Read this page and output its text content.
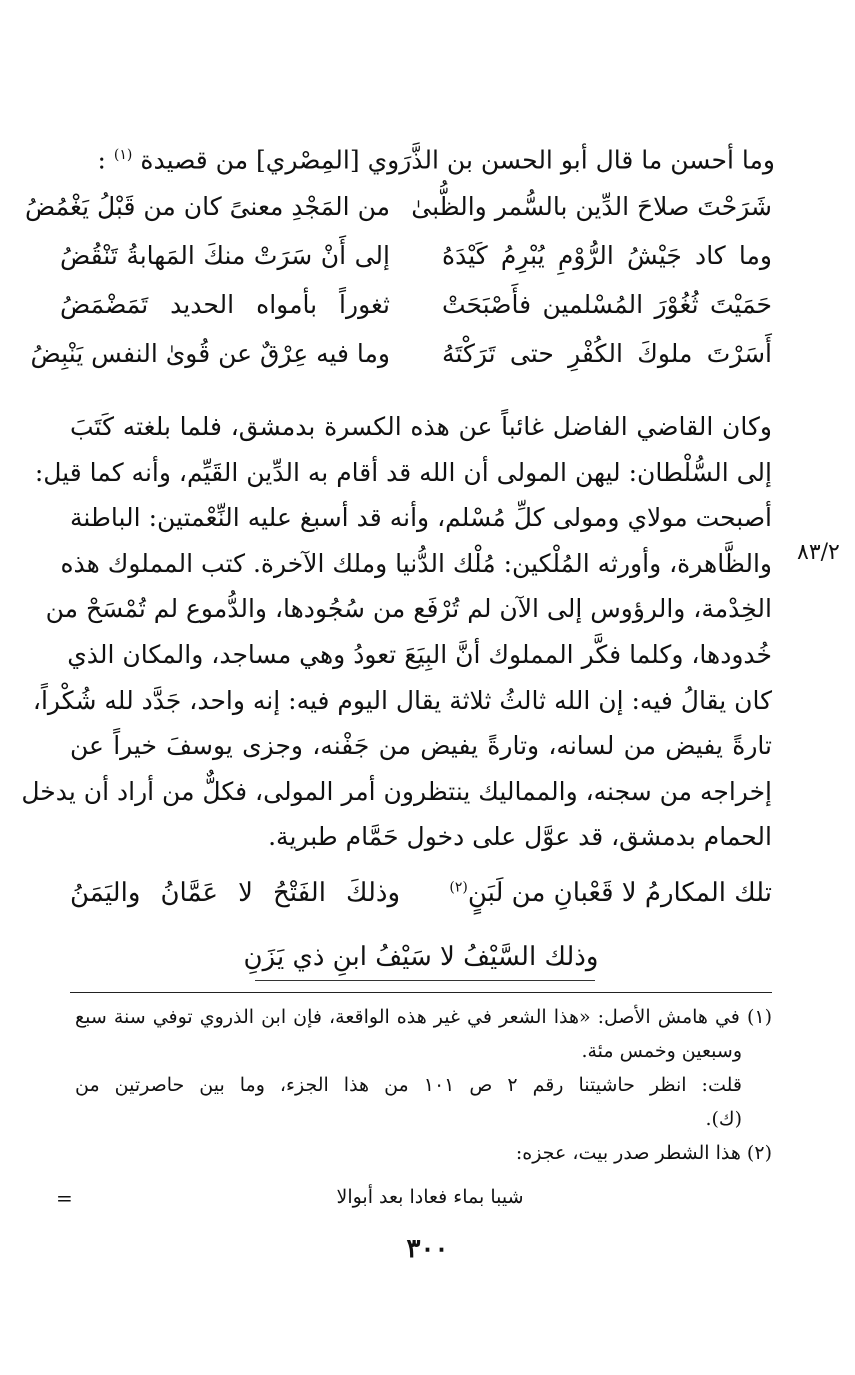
وما أحسن ما قال أبو الحسن بن الذَّرَوي [المِصْري] من قصيدة $^{(١)}$ :
شَرَحْتَ صلاحَ الدِّين بالسُّمر والظُّبىٰ
من المَجْدِ معنىً كان من قَبْلُ يَغْمُضُ
وما كاد جَيْشُ الرُّوْمِ يُبْرِمُ كَيْدَهُ
إلى أَنْ سَرَتْ منكَ المَهابةُ تَنْقُضُ
حَمَيْتَ ثُغُوْرَ المُسْلمين فأَصْبَحَتْ
ثغوراً بأمواه الحديد تَمَضْمَضُ
أَسَرْتَ ملوكَ الكُفْرِ حتى تَرَكْتَهُ
وما فيه عِرْقٌ عن قُوىٰ النفس يَنْبِضُ
وكان القاضي الفاضل غائباً عن هذه الكسرة بدمشق، فلما بلغته كَتَبَ
إلى السُّلْطان: ليهن المولى أن الله قد أقام به الدِّين القَيِّم، وأنه كما قيل:
أصبحت مولاي ومولى كلِّ مُسْلم، وأنه قد أسبغ عليه النِّعْمتين: الباطنة
والظَّاهرة، وأورثه المُلْكين: مُلْك الدُّنيا وملك الآخرة. كتب المملوك هذه
الخِدْمة، والرؤوس إلى الآن لم تُرْفَع من سُجُودها، والدُّموع لم تُمْسَحْ من
خُدودها، وكلما فكَّر المملوك أنَّ البِيَعَ تعودُ وهي مساجد، والمكان الذي
كان يقالُ فيه: إن الله ثالثُ ثلاثة يقال اليوم فيه: إنه واحد، جَدَّد لله شُكْراً،
تارةً يفيض من لسانه، وتارةً يفيض من جَفْنه، وجزى يوسفَ خيراً عن
إخراجه من سجنه، والمماليك ينتظرون أمر المولى، فكلٌّ من أراد أن يدخل
الحمام بدمشق، قد عوَّل على دخول حَمَّام طبرية.
٨٣/٢
تلك المكارمُ لا قَعْبانِ من لَبَنٍ$^{(٢)}$
وذلكَ الفَتْحُ لا عَمَّانُ واليَمَنُ
وذلك السَّيْفُ لا سَيْفُ ابنِ ذي يَزَنِ
(١) في هامش الأصل: «هذا الشعر في غير هذه الواقعة، فإن ابن الذروي توفي سنة سبع
وسبعين وخمس مئة.
قلت: انظر حاشيتنا رقم ٢ ص ١٠١ من هذا الجزء، وما بين حاصرتين من
(ك).
(٢) هذا الشطر صدر بيت، عجزه:
شيبا بماء فعادا بعد أبوالا
=
٣٠٠
